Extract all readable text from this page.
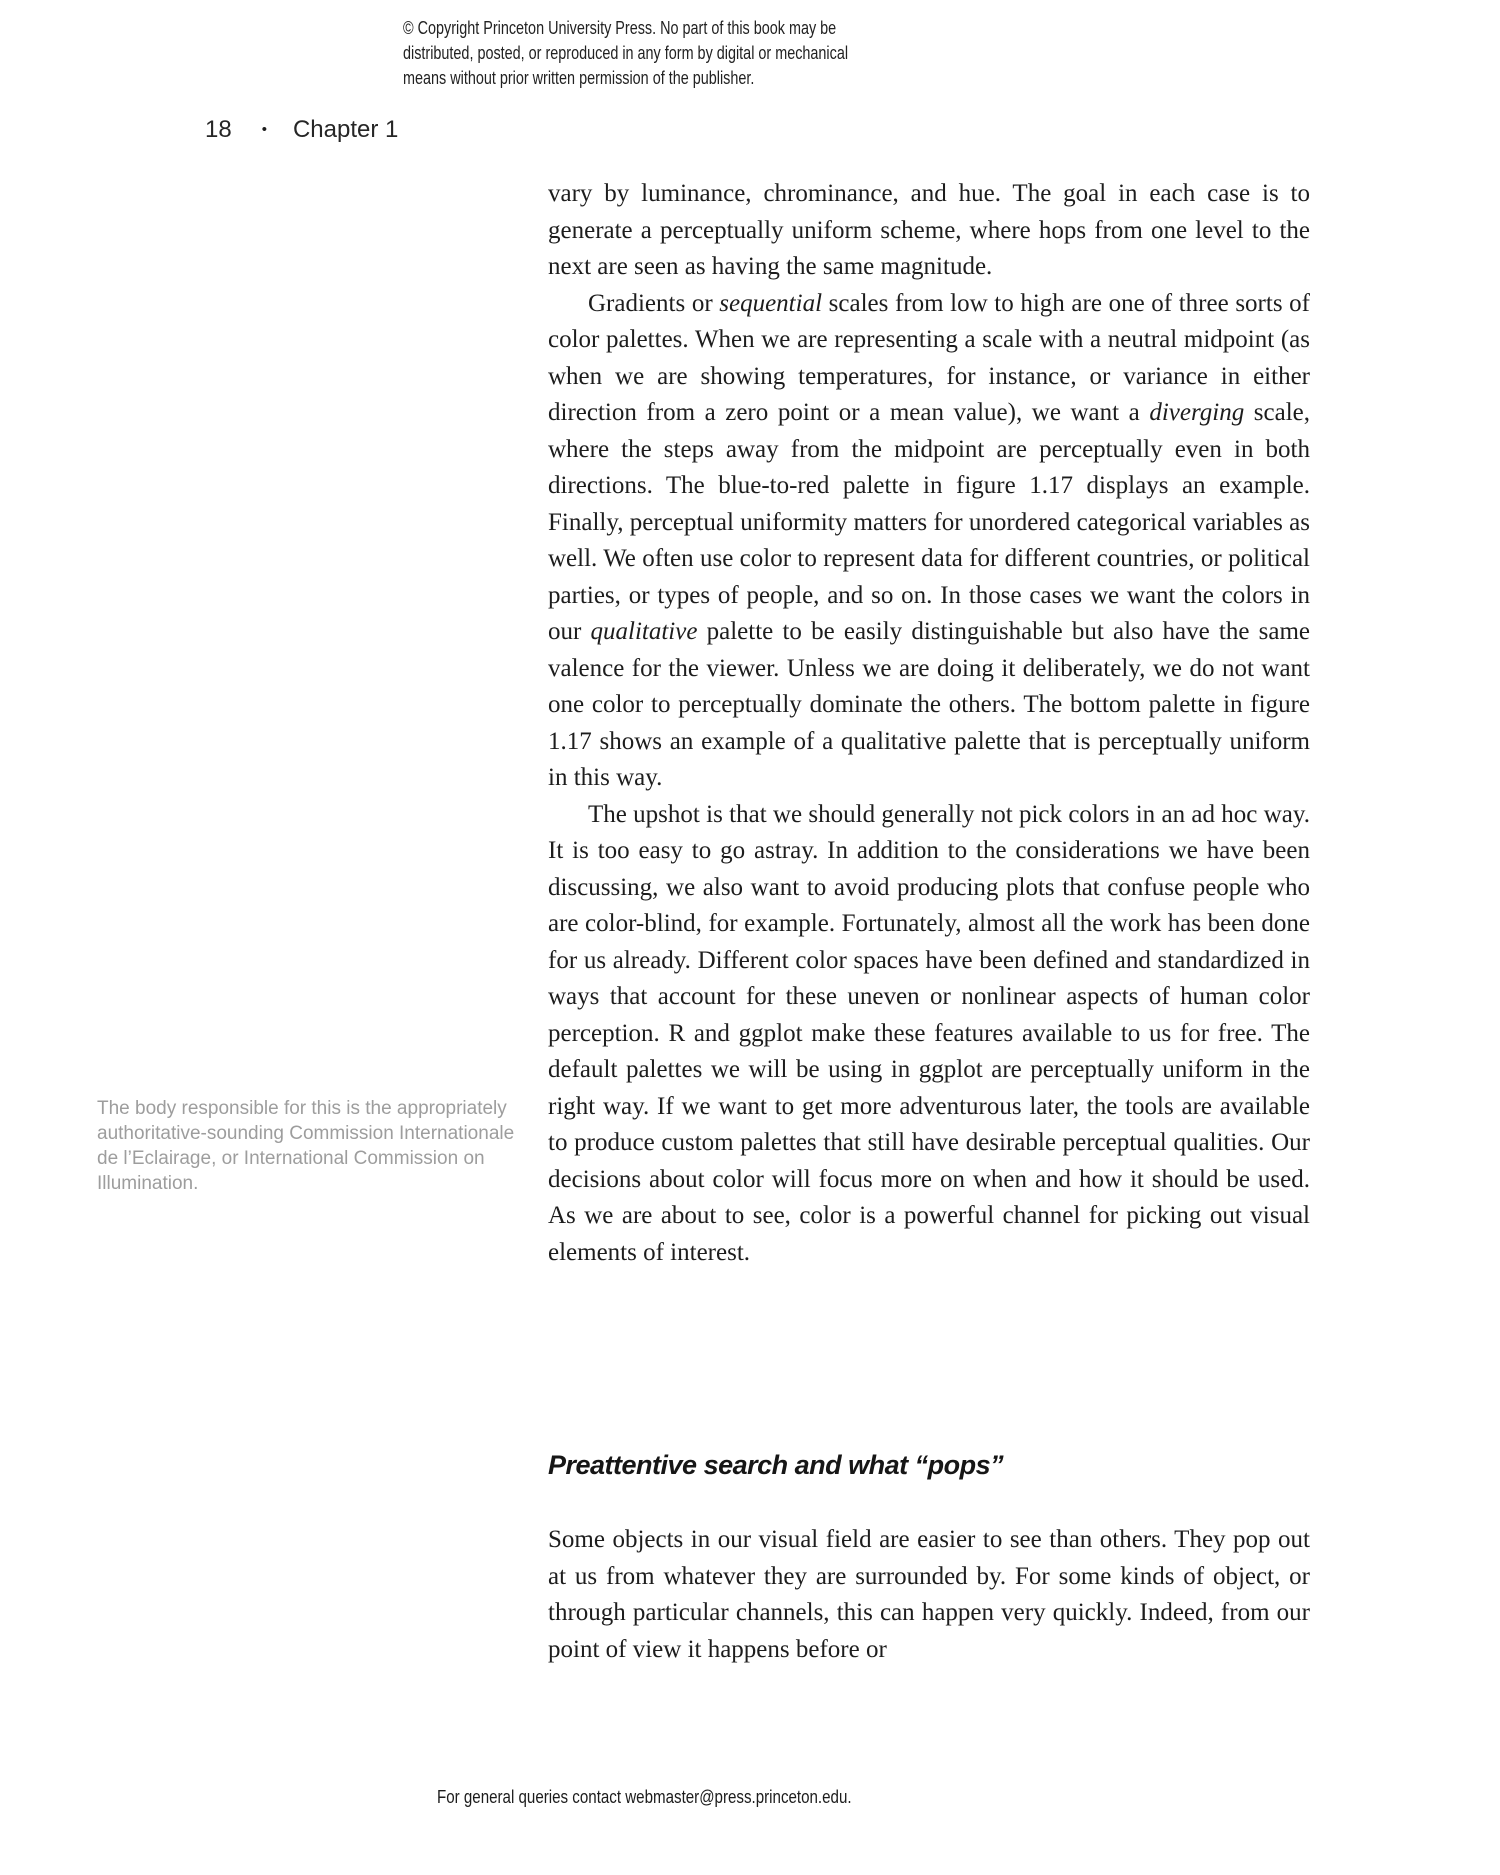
© Copyright Princeton University Press. No part of this book may be
distributed, posted, or reproduced in any form by digital or mechanical
means without prior written permission of the publisher.
18 • Chapter 1
The body responsible for this is the appropriately
authoritative-sounding Commission Internationale
de l’Eclairage, or International Commission on
Illumination.

vary by luminance, chrominance, and hue. The goal in each case is to generate a perceptually uniform scheme, where hops from one level to the next are seen as having the same magnitude.

Gradients or sequential scales from low to high are one of three sorts of color palettes. When we are representing a scale with a neutral midpoint (as when we are showing temperatures, for instance, or variance in either direction from a zero point or a mean value), we want a diverging scale, where the steps away from the midpoint are perceptually even in both directions. The blue-to-red palette in figure 1.17 displays an example. Finally, perceptual uniformity matters for unordered categorical variables as well. We often use color to represent data for different countries, or political parties, or types of people, and so on. In those cases we want the colors in our qualitative palette to be easily distinguishable but also have the same valence for the viewer. Unless we are doing it deliberately, we do not want one color to perceptually dominate the others. The bottom palette in figure 1.17 shows an example of a qualitative palette that is perceptually uniform in this way.

The upshot is that we should generally not pick colors in an ad hoc way. It is too easy to go astray. In addition to the considerations we have been discussing, we also want to avoid producing plots that confuse people who are color-blind, for example. Fortunately, almost all the work has been done for us already. Different color spaces have been defined and standardized in ways that account for these uneven or nonlinear aspects of human color perception. R and ggplot make these features available to us for free. The default palettes we will be using in ggplot are perceptually uniform in the right way. If we want to get more adventurous later, the tools are available to produce custom palettes that still have desirable perceptual qualities. Our decisions about color will focus more on when and how it should be used. As we are about to see, color is a powerful channel for picking out visual elements of interest.

Preattentive search and what “pops”

Some objects in our visual field are easier to see than others. They pop out at us from whatever they are surrounded by. For some kinds of object, or through particular channels, this can happen very quickly. Indeed, from our point of view it happens before or

For general queries contact webmaster@press.princeton.edu.
